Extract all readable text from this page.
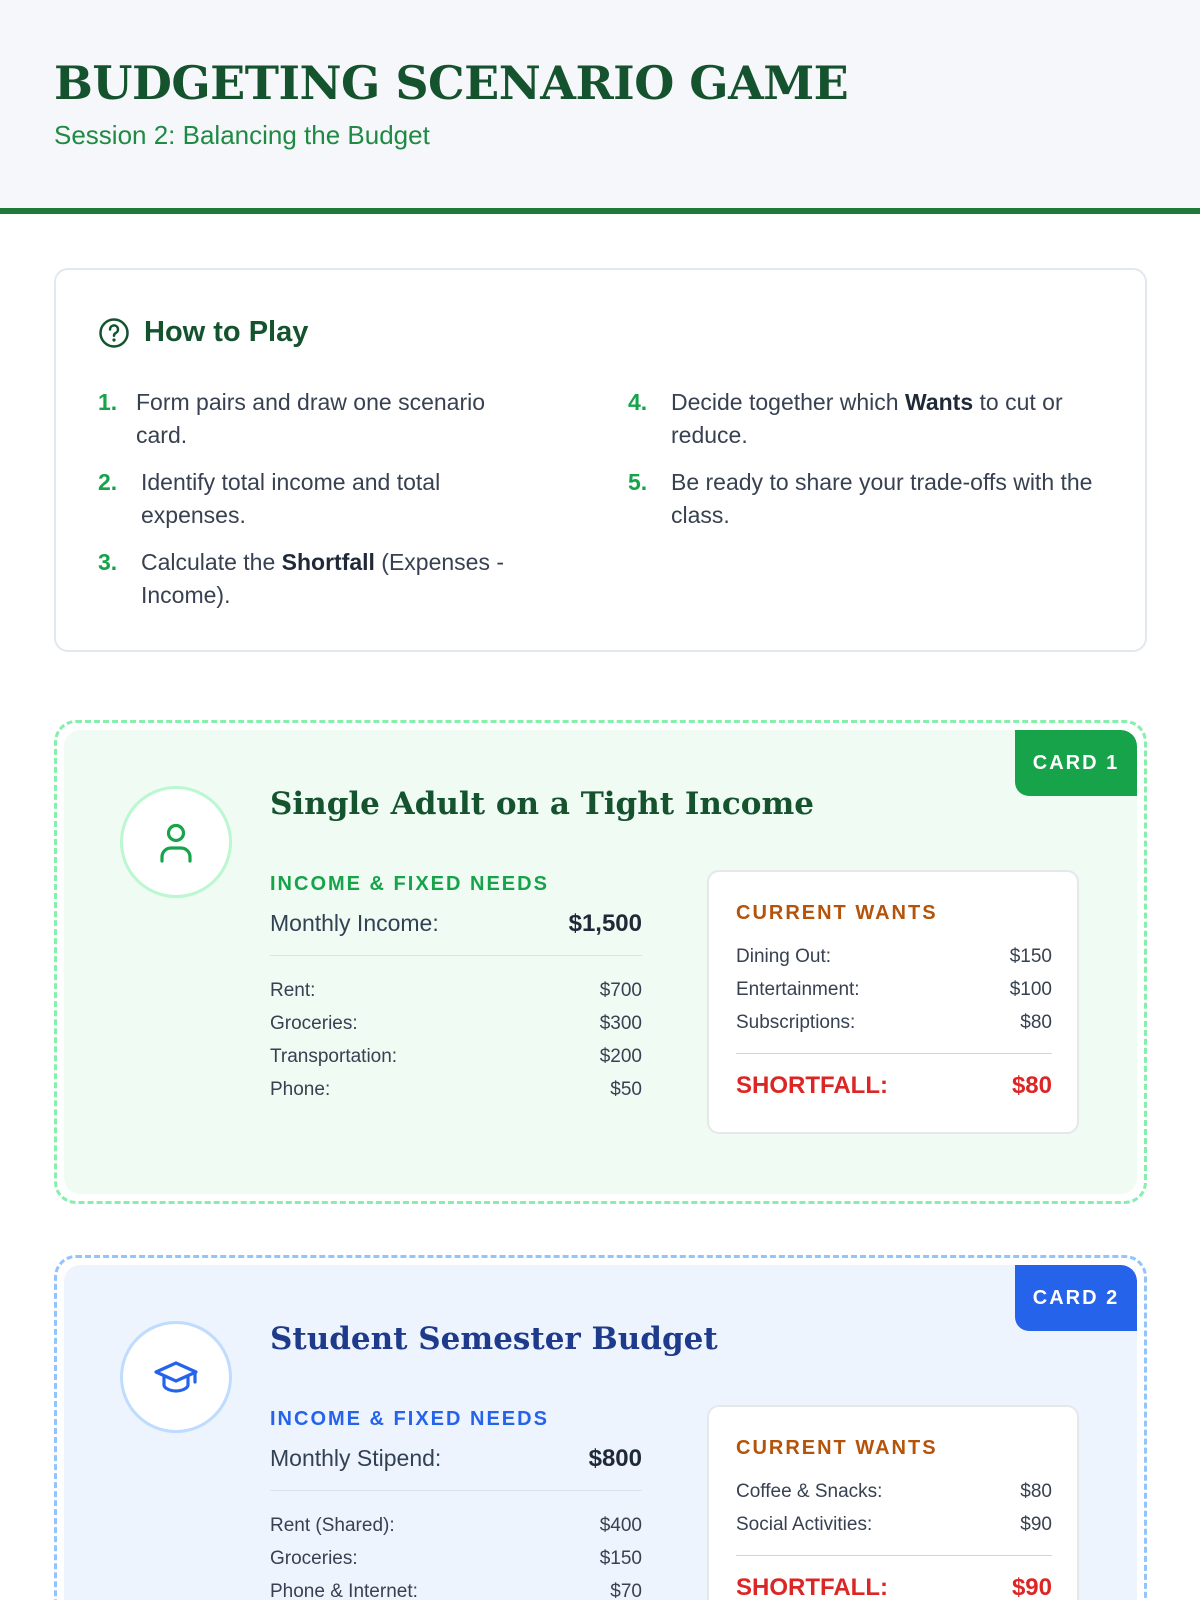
BUDGETING SCENARIO GAME
Session 2: Balancing the Budget
How to Play
1. Form pairs and draw one scenario card.
2.	Identify total income and total expenses.
3.	Calculate the Shortfall (Expenses - Income).
4.	Decide together which Wants to cut or reduce.
5.	Be ready to share your trade-offs with the class.
CARD 1
Single Adult on a Tight Income
INCOME & FIXED NEEDS
Monthly Income:	$1,500
Rent:	$700
Groceries:	$300
Transportation:	$200
Phone:	$50
CURRENT WANTS
Dining Out:	$150
Entertainment:	$100
Subscriptions:	$80
SHORTFALL:	$80
CARD 2
Student Semester Budget
INCOME & FIXED NEEDS
Monthly Stipend:	$800
Rent (Shared):	$400
Groceries:	$150
Phone & Internet:	$70
CURRENT WANTS
Coffee & Snacks:	$80
Social Activities:	$90
SHORTFALL:	$90
